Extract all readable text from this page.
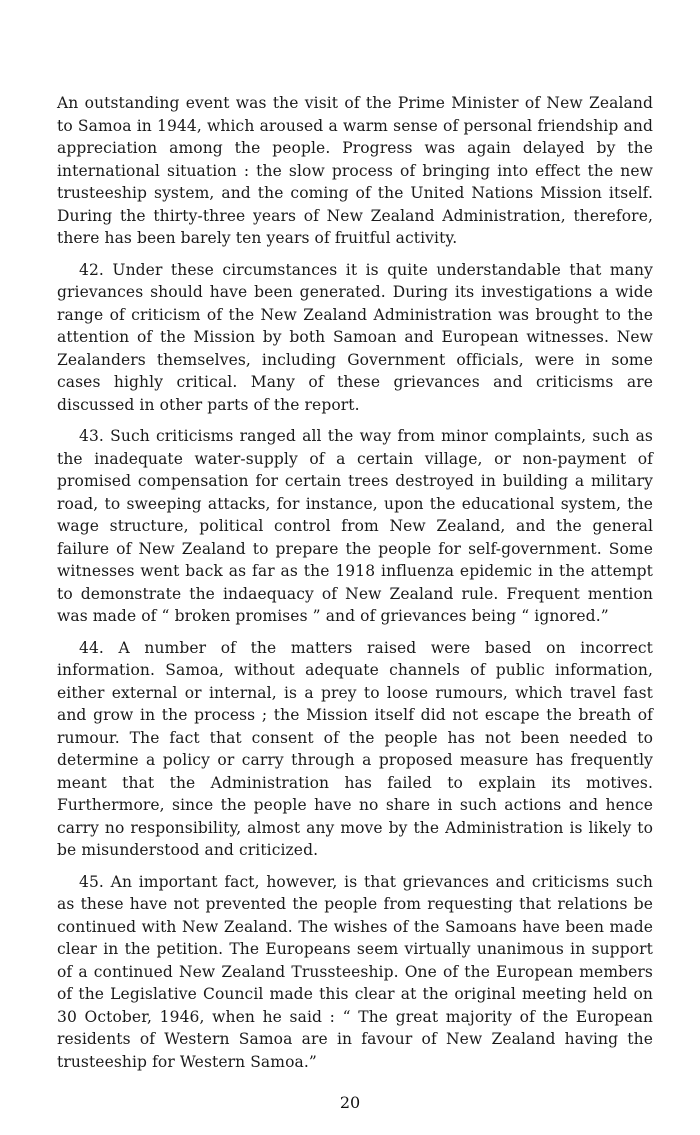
An outstanding event was the visit of the Prime Minister of New Zealand to Samoa in 1944, which aroused a warm sense of personal friendship and appreciation among the people. Progress was again delayed by the international situation : the slow process of bringing into effect the new trusteeship system, and the coming of the United Nations Mission itself. During the thirty-three years of New Zealand Administration, therefore, there has been barely ten years of fruitful activity.

42. Under these circumstances it is quite understandable that many grievances should have been generated. During its investigations a wide range of criticism of the New Zealand Administration was brought to the attention of the Mission by both Samoan and European witnesses. New Zealanders themselves, including Government officials, were in some cases highly critical. Many of these grievances and criticisms are discussed in other parts of the report.

43. Such criticisms ranged all the way from minor complaints, such as the inadequate water-supply of a certain village, or non-payment of promised compensation for certain trees destroyed in building a military road, to sweeping attacks, for instance, upon the educational system, the wage structure, political control from New Zealand, and the general failure of New Zealand to prepare the people for self-government. Some witnesses went back as far as the 1918 influenza epidemic in the attempt to demonstrate the indaequacy of New Zealand rule. Frequent mention was made of “ broken promises ” and of grievances being “ ignored.”

44. A number of the matters raised were based on incorrect information. Samoa, without adequate channels of public information, either external or internal, is a prey to loose rumours, which travel fast and grow in the process ; the Mission itself did not escape the breath of rumour. The fact that consent of the people has not been needed to determine a policy or carry through a proposed measure has frequently meant that the Administration has failed to explain its motives. Furthermore, since the people have no share in such actions and hence carry no responsibility, almost any move by the Administration is likely to be misunderstood and criticized.

45. An important fact, however, is that grievances and criticisms such as these have not prevented the people from requesting that relations be continued with New Zealand. The wishes of the Samoans have been made clear in the petition. The Europeans seem virtually unanimous in support of a continued New Zealand Trussteeship. One of the European members of the Legislative Council made this clear at the original meeting held on 30 October, 1946, when he said : “ The great majority of the European residents of Western Samoa are in favour of New Zealand having the trusteeship for Western Samoa.”

20
